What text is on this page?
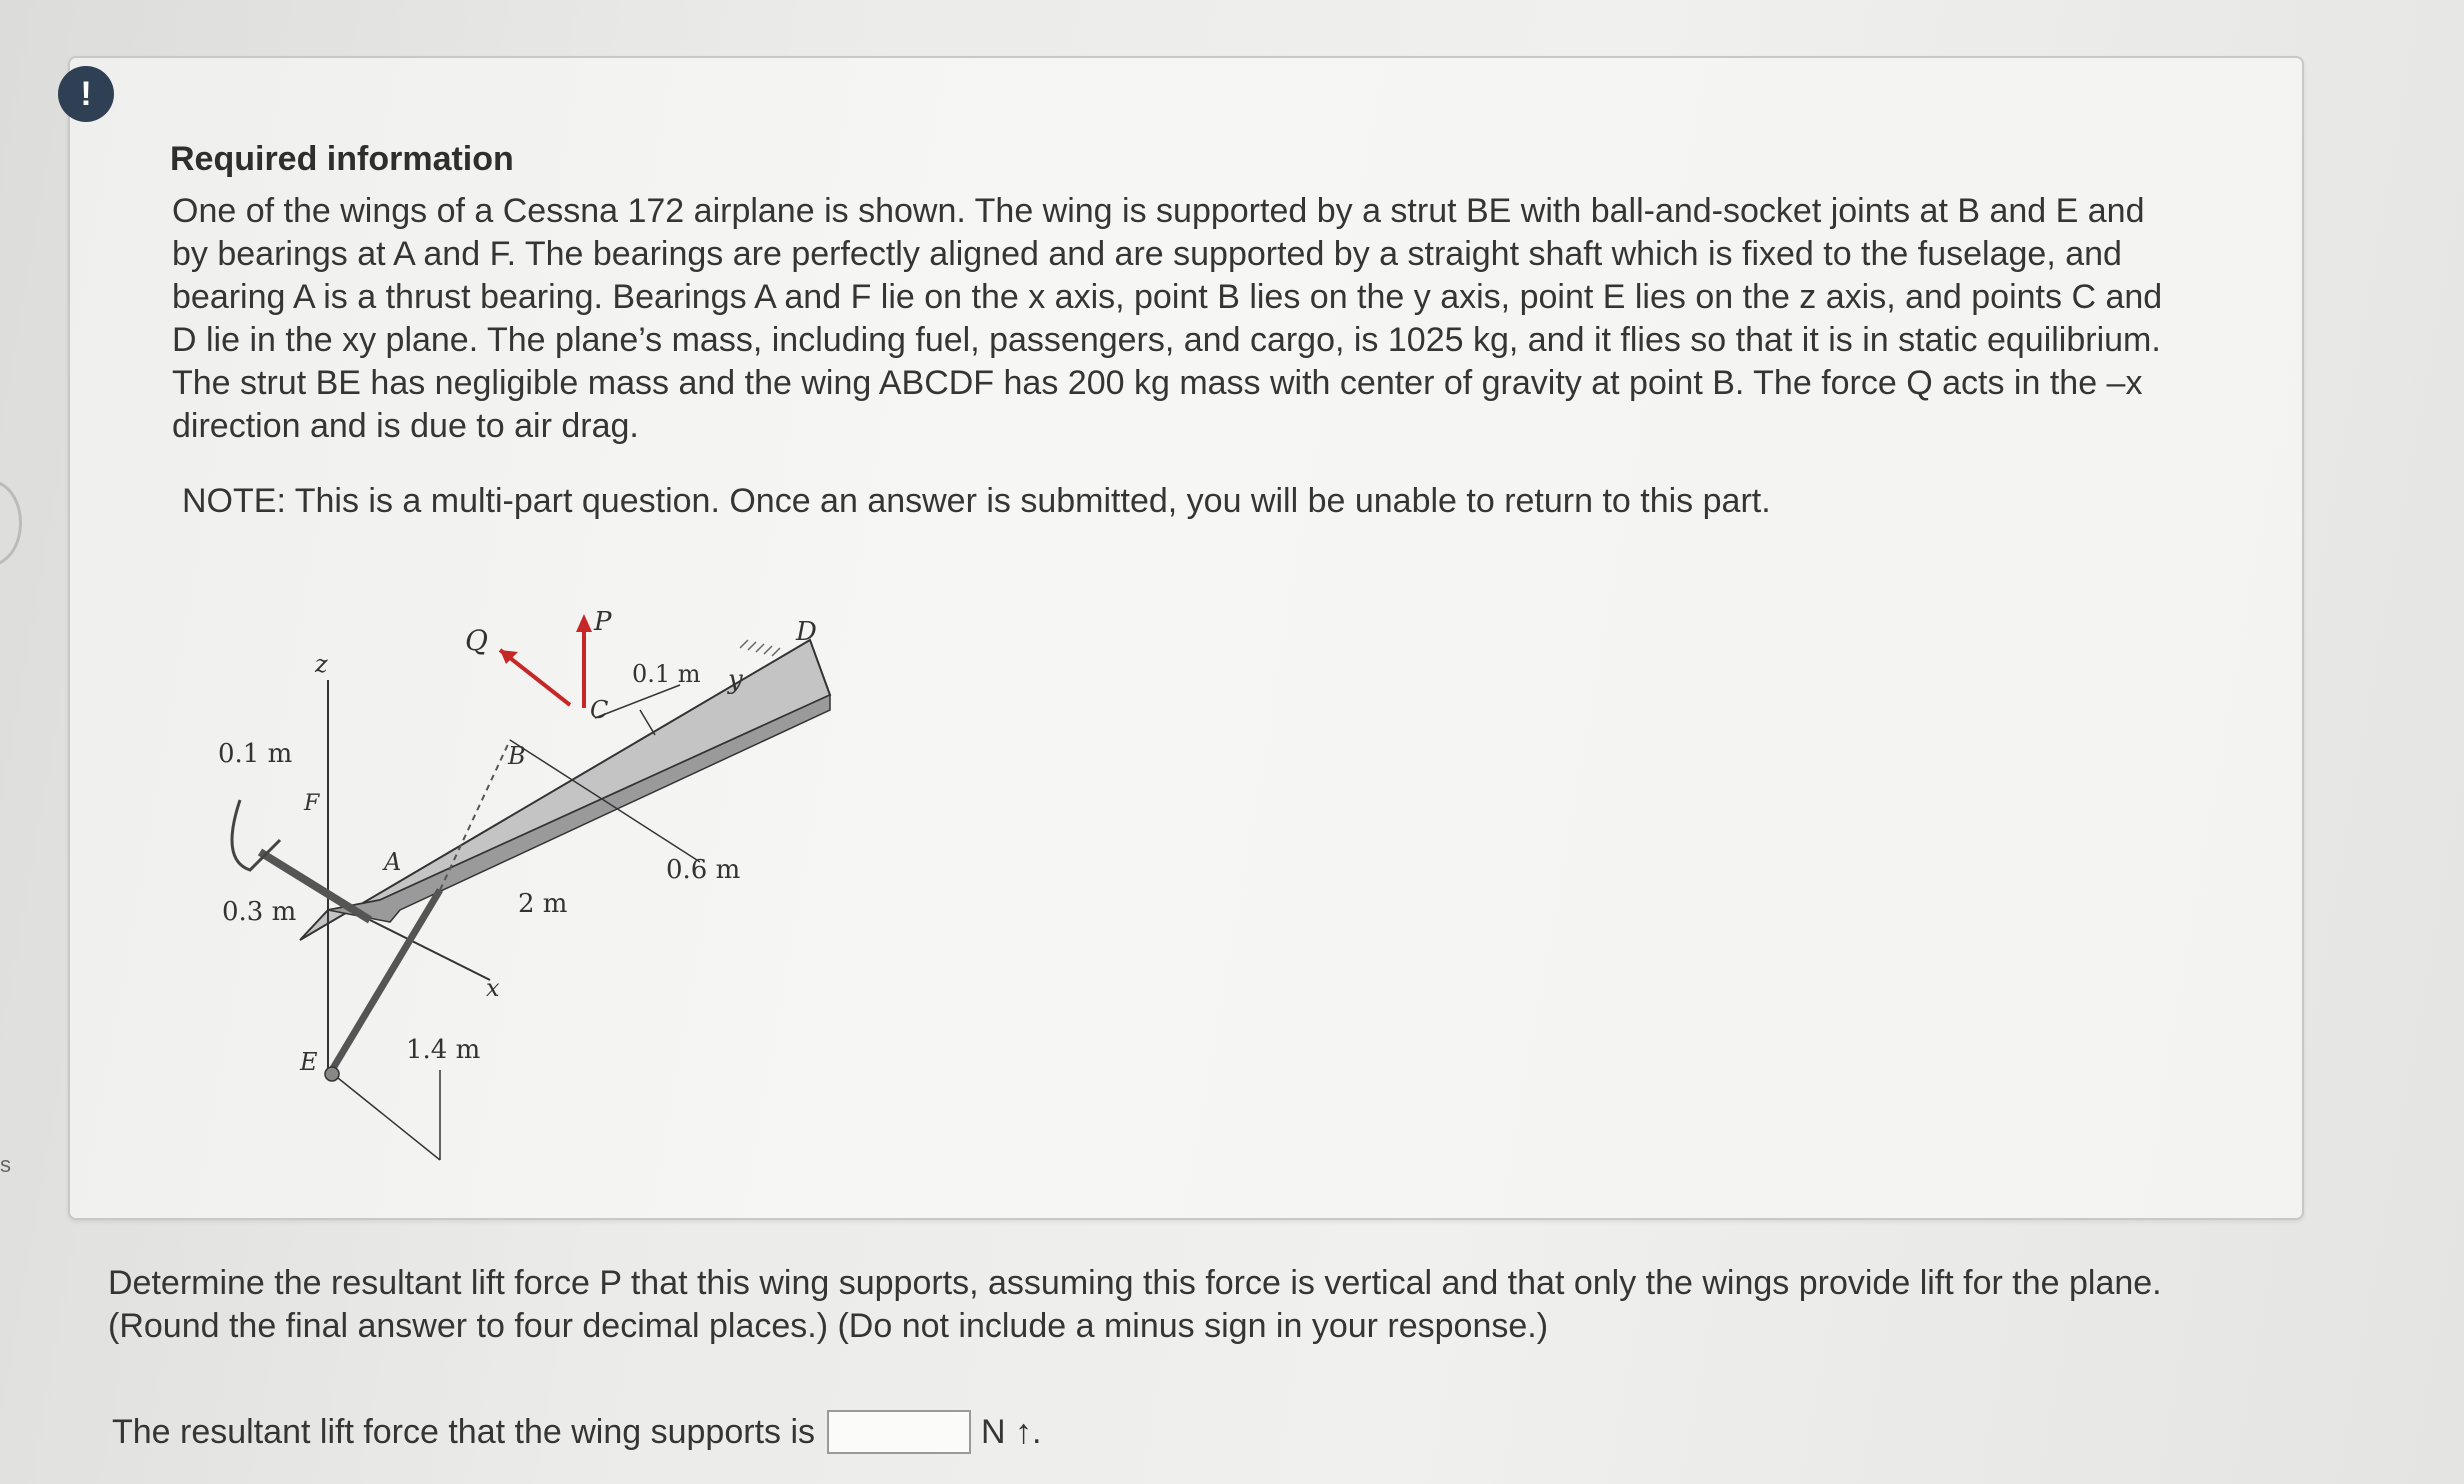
s
!
Required information
One of the wings of a Cessna 172 airplane is shown. The wing is supported by a strut BE with ball-and-socket joints at B and E and by bearings at A and F. The bearings are perfectly aligned and are supported by a straight shaft which is fixed to the fuselage, and bearing A is a thrust bearing. Bearings A and F lie on the x axis, point B lies on the y axis, point E lies on the z axis, and points C and D lie in the xy plane. The plane’s mass, including fuel, passengers, and cargo, is 1025 kg, and it flies so that it is in static equilibrium. The strut BE has negligible mass and the wing ABCDF has 200 kg mass with center of gravity at point B. The force Q acts in the –x direction and is due to air drag.
NOTE: This is a multi-part question. Once an answer is submitted, you will be unable to return to this part.
z
Q
P	D
y
C
B
F
A
E
x
0.1 m
0.1 m
0.3 m
0.6 m
2 m
1.4 m
Determine the resultant lift force P that this wing supports, assuming this force is vertical and that only the wings provide lift for the plane. (Round the final answer to four decimal places.) (Do not include a minus sign in your response.)
The resultant lift force that the wing supports is	N ↑.
